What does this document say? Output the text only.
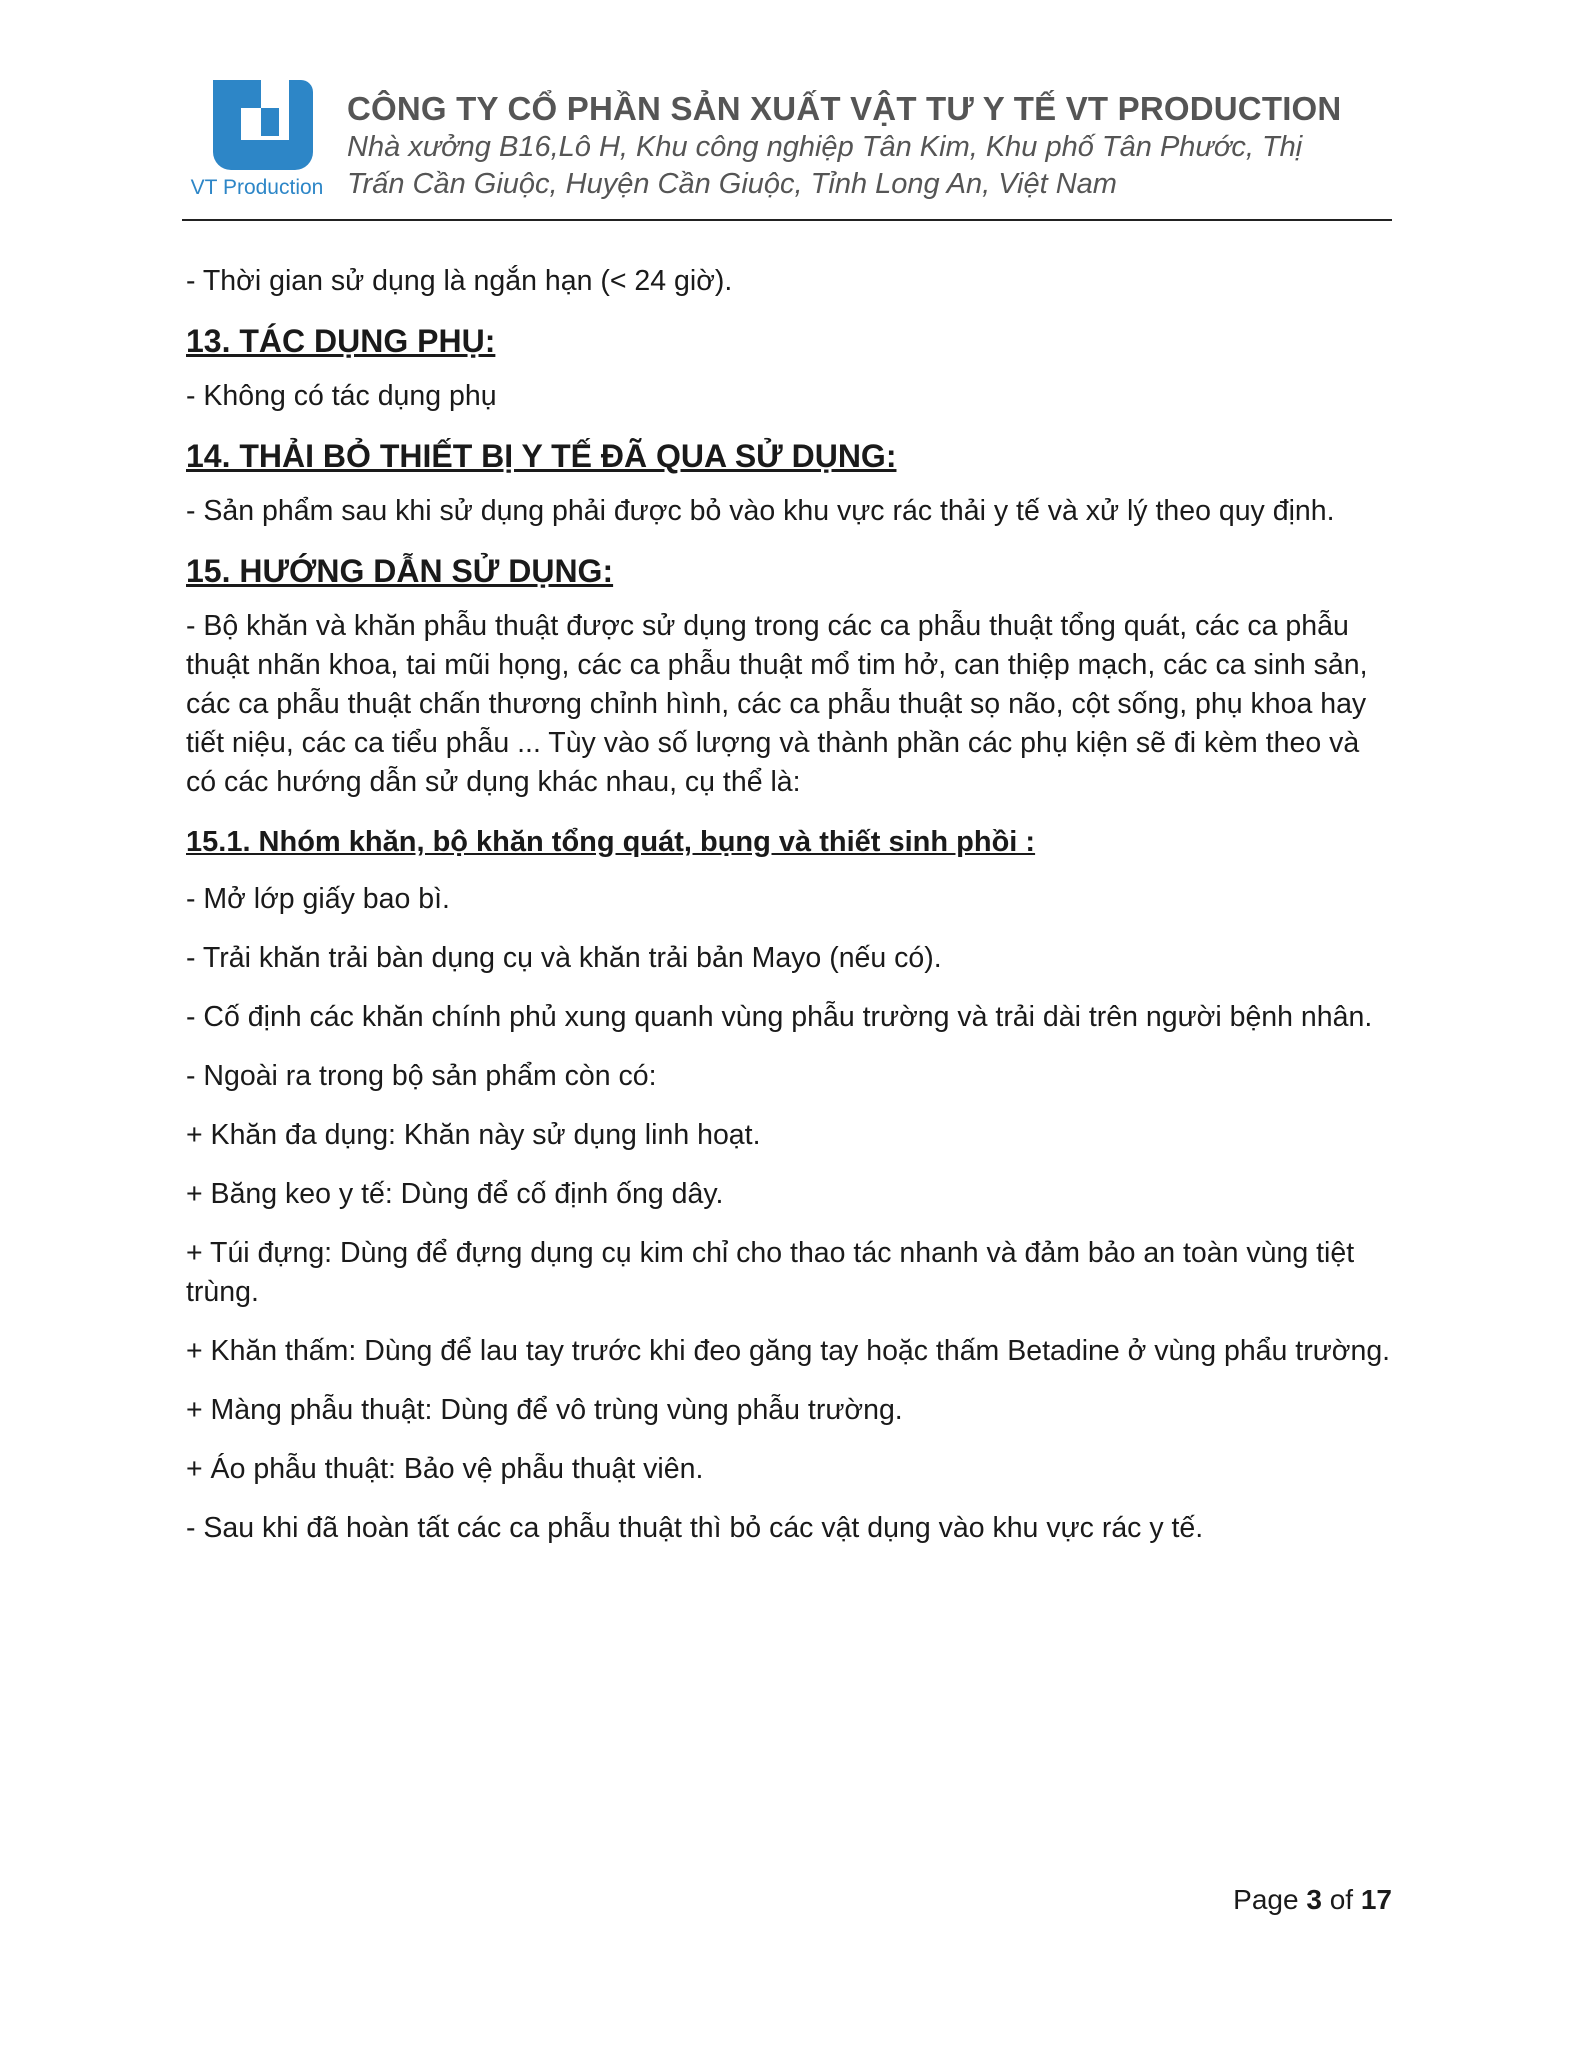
VT Production
CÔNG TY CỔ PHẦN SẢN XUẤT VẬT TƯ Y TẾ VT PRODUCTION
Nhà xưởng B16,Lô H, Khu công nghiệp Tân Kim, Khu phố Tân Phước, Thị
Trấn Cần Giuộc, Huyện Cần Giuộc, Tỉnh Long An, Việt Nam

- Thời gian sử dụng là ngắn hạn (< 24 giờ).

13. TÁC DỤNG PHỤ:

- Không có tác dụng phụ

14. THẢI BỎ THIẾT BỊ Y TẾ ĐÃ QUA SỬ DỤNG:

- Sản phẩm sau khi sử dụng phải được bỏ vào khu vực rác thải y tế và xử lý theo quy định.

15. HƯỚNG DẪN SỬ DỤNG:

- Bộ khăn và khăn phẫu thuật được sử dụng trong các ca phẫu thuật tổng quát, các ca phẫu thuật nhãn khoa, tai mũi họng, các ca phẫu thuật mổ tim hở, can thiệp mạch, các ca sinh sản, các ca phẫu thuật chấn thương chỉnh hình, các ca phẫu thuật sọ não, cột sống, phụ khoa hay tiết niệu, các ca tiểu phẫu ... Tùy vào số lượng và thành phần các phụ kiện sẽ đi kèm theo và có các hướng dẫn sử dụng khác nhau, cụ thể là:

15.1. Nhóm khăn, bộ khăn tổng quát, bụng và thiết sinh phồi :

- Mở lớp giấy bao bì.

- Trải khăn trải bàn dụng cụ và khăn trải bản Mayo (nếu có).

- Cố định các khăn chính phủ xung quanh vùng phẫu trường và trải dài trên người bệnh nhân.

- Ngoài ra trong bộ sản phẩm còn có:

+ Khăn đa dụng: Khăn này sử dụng linh hoạt.

+ Băng keo y tế: Dùng để cố định ống dây.

+ Túi đựng: Dùng để đựng dụng cụ kim chỉ cho thao tác nhanh và đảm bảo an toàn vùng tiệt trùng.

+ Khăn thấm: Dùng để lau tay trước khi đeo găng tay hoặc thấm Betadine ở vùng phẩu trường.

+ Màng phẫu thuật: Dùng để vô trùng vùng phẫu trường.

+ Áo phẫu thuật: Bảo vệ phẫu thuật viên.

- Sau khi đã hoàn tất các ca phẫu thuật thì bỏ các vật dụng vào khu vực rác y tế.

Page 3 of 17
